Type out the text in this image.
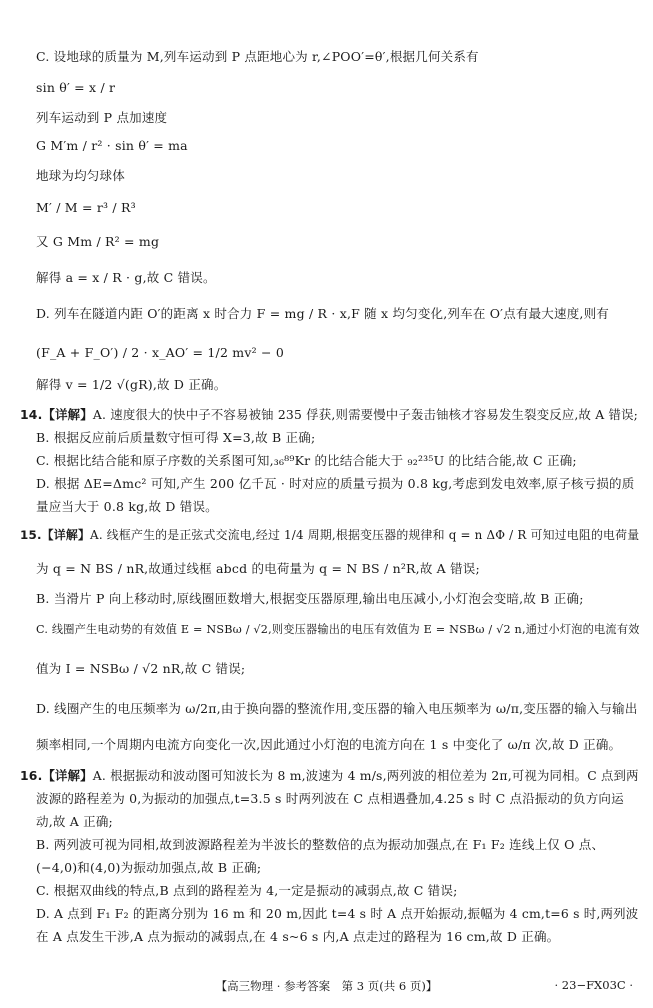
C. 设地球的质量为 M,列车运动到 P 点距地心为 r,∠POO′=θ′,根据几何关系有
sin θ′ = x / r
列车运动到 P 点加速度
G M′m / r² · sin θ′ = ma
地球为均匀球体
M′ / M = r³ / R³
又 G Mm / R² = mg
解得 a = x / R · g,故 C 错误。
D. 列车在隧道内距 O′的距离 x 时合力 F = mg / R · x,F 随 x 均匀变化,列车在 O′点有最大速度,则有
(F_A + F_O′) / 2 · x_AO′ = 1/2 mv² − 0
解得 v = 1/2 √(gR),故 D 正确。
14.【详解】A. 速度很大的快中子不容易被铀 235 俘获,则需要慢中子轰击铀核才容易发生裂变反应,故 A 错误;
B. 根据反应前后质量数守恒可得 X=3,故 B 正确;
C. 根据比结合能和原子序数的关系图可知,₃₆⁸⁹Kr 的比结合能大于 ₉₂²³⁵U 的比结合能,故 C 正确;
D. 根据 ΔE=Δmc² 可知,产生 200 亿千瓦 · 时对应的质量亏损为 0.8 kg,考虑到发电效率,原子核亏损的质
量应当大于 0.8 kg,故 D 错误。
15.【详解】A. 线框产生的是正弦式交流电,经过 1/4 周期,根据变压器的规律和 q = n ΔΦ / R 可知过电阻的电荷量
为 q = N BS / nR,故通过线框 abcd 的电荷量为 q = N BS / n²R,故 A 错误;
B. 当滑片 P 向上移动时,原线圈匝数增大,根据变压器原理,输出电压减小,小灯泡会变暗,故 B 正确;
C. 线圈产生电动势的有效值 E = NSBω / √2,则变压器输出的电压有效值为 E = NSBω / √2 n,通过小灯泡的电流有效
值为 I = NSBω / √2 nR,故 C 错误;
D. 线圈产生的电压频率为 ω/2π,由于换向器的整流作用,变压器的输入电压频率为 ω/π,变压器的输入与输出
频率相同,一个周期内电流方向变化一次,因此通过小灯泡的电流方向在 1 s 中变化了 ω/π 次,故 D 正确。
16.【详解】A. 根据振动和波动图可知波长为 8 m,波速为 4 m/s,两列波的相位差为 2π,可视为同相。C 点到两
波源的路程差为 0,为振动的加强点,t=3.5 s 时两列波在 C 点相遇叠加,4.25 s 时 C 点沿振动的负方向运
动,故 A 正确;
B. 两列波可视为同相,故到波源路程差为半波长的整数倍的点为振动加强点,在 F₁ F₂ 连线上仅 O 点、
(−4,0)和(4,0)为振动加强点,故 B 正确;
C. 根据双曲线的特点,B 点到的路程差为 4,一定是振动的减弱点,故 C 错误;
D. A 点到 F₁ F₂ 的距离分别为 16 m 和 20 m,因此 t=4 s 时 A 点开始振动,振幅为 4 cm,t=6 s 时,两列波
在 A 点发生干涉,A 点为振动的减弱点,在 4 s~6 s 内,A 点走过的路程为 16 cm,故 D 正确。
【高三物理 · 参考答案　第 3 页(共 6 页)】	· 23−FX03C ·
